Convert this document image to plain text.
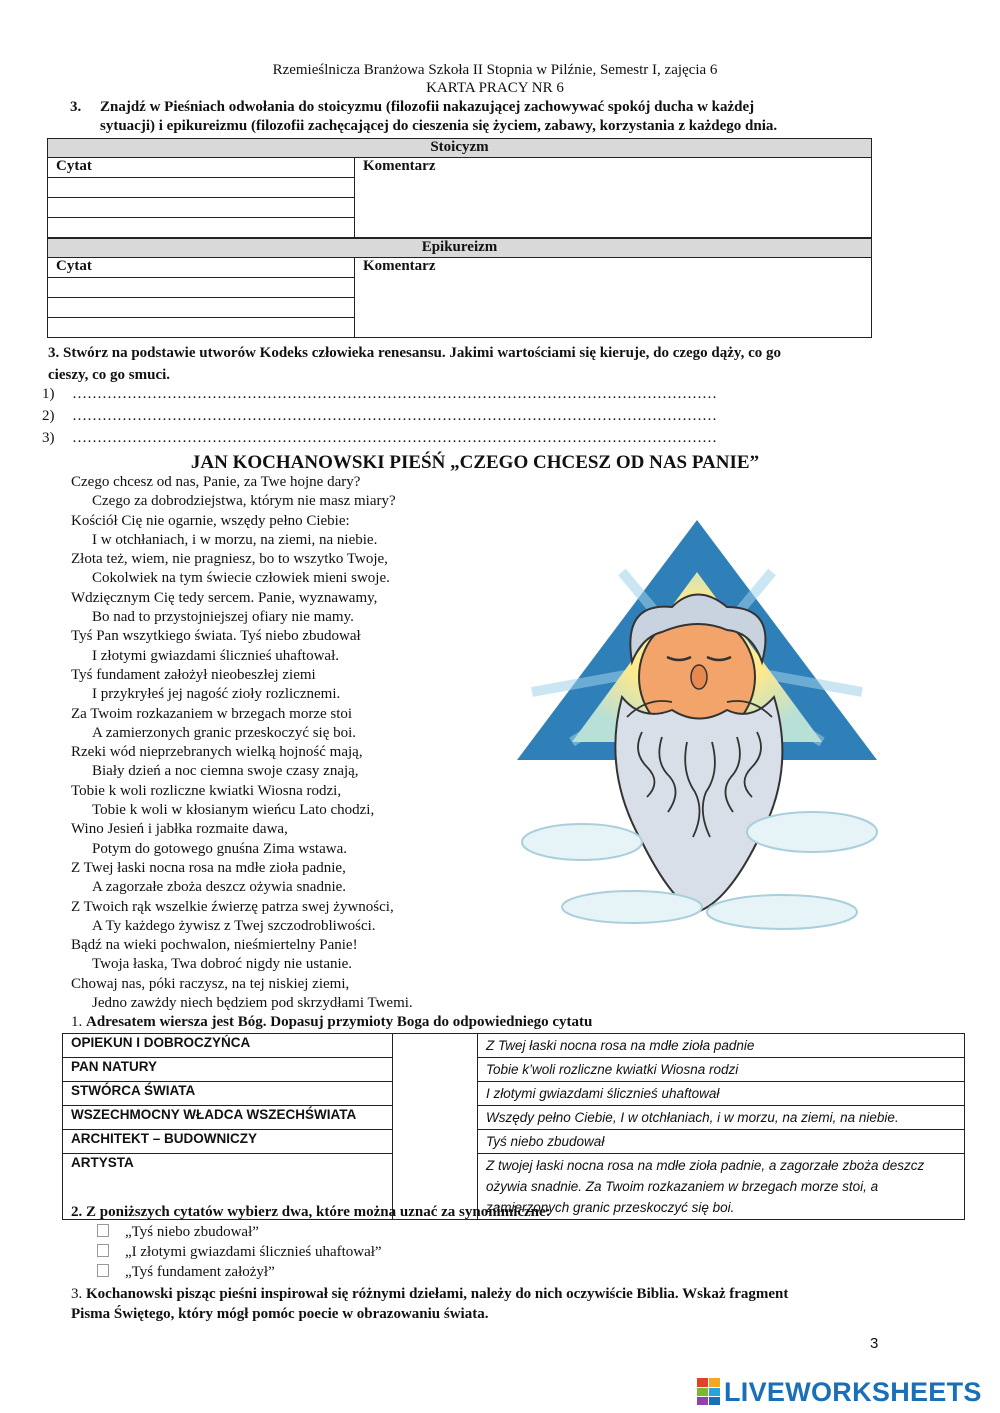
Rzemieślnicza Branżowa Szkoła II Stopnia w Pilźnie, Semestr I, zajęcia 6
KARTA PRACY NR 6
3. Znajdź w Pieśniach odwołania do stoicyzmu (filozofii nakazującej zachowywać spokój ducha w każdej
sytuacji) i epikureizmu (filozofii zachęcającej do cieszenia się życiem, zabawy, korzystania z każdego dnia.
Stoicyzm
Cytat	Komentarz

Epikureizm
Cytat	Komentarz

3. Stwórz na podstawie utworów Kodeks człowieka renesansu. Jakimi wartościami się kieruje, do czego dąży, co go
cieszy, co go smuci.
1) …………………………………………………………………………………………………………………
2) …………………………………………………………………………………………………………………
3) …………………………………………………………………………………………………………………
JAN KOCHANOWSKI PIEŚŃ „CZEGO CHCESZ OD NAS PANIE”
Czego chcesz od nas, Panie, za Twe hojne dary?
Czego za dobrodziejstwa, którym nie masz miary?
Kościół Cię nie ogarnie, wszędy pełno Ciebie:
I w otchłaniach, i w morzu, na ziemi, na niebie.
Złota też, wiem, nie pragniesz, bo to wszytko Twoje,
Cokolwiek na tym świecie człowiek mieni swoje.
Wdzięcznym Cię tedy sercem. Panie, wyznawamy,
Bo nad to przystojniejszej ofiary nie mamy.
Tyś Pan wszytkiego świata. Tyś niebo zbudował
I złotymi gwiazdami ślicznieś uhaftował.
Tyś fundament założył nieobeszłej ziemi
I przykryłeś jej nagość zioły rozlicznemi.
Za Twoim rozkazaniem w brzegach morze stoi
A zamierzonych granic przeskoczyć się boi.
Rzeki wód nieprzebranych wielką hojność mają,
Biały dzień a noc ciemna swoje czasy znają,
Tobie k woli rozliczne kwiatki Wiosna rodzi,
Tobie k woli w kłosianym wieńcu Lato chodzi,
Wino Jesień i jabłka rozmaite dawa,
Potym do gotowego gnuśna Zima wstawa.
Z Twej łaski nocna rosa na mdłe zioła padnie,
A zagorzałe zboża deszcz ożywia snadnie.
Z Twoich rąk wszelkie źwierzę patrza swej żywności,
A Ty każdego żywisz z Twej szczodrobliwości.
Bądź na wieki pochwalon, nieśmiertelny Panie!
Twoja łaska, Twa dobroć nigdy nie ustanie.
Chowaj nas, póki raczysz, na tej niskiej ziemi,
Jedno zawżdy niech będziem pod skrzydłami Twemi.
1. Adresatem wiersza jest Bóg. Dopasuj przymioty Boga do odpowiedniego cytatu
OPIEKUN I DOBROCZYŃCA		Z Twej łaski nocna rosa na mdłe zioła padnie
PAN NATURY		Tobie k’woli rozliczne kwiatki Wiosna rodzi
STWÓRCA ŚWIATA		I złotymi gwiazdami ślicznieś uhaftował
WSZECHMOCNY WŁADCA WSZECHŚWIATA		Wszędy pełno Ciebie, I w otchłaniach, i w morzu, na ziemi, na niebie.
ARCHITEKT – BUDOWNICZY		Tyś niebo zbudował
ARTYSTA		Z twojej łaski nocna rosa na mdłe zioła padnie, a zagorzałe zboża deszcz ożywia snadnie. Za Twoim rozkazaniem w brzegach morze stoi, a zamierzonych granic przeskoczyć się boi.
2. Z poniższych cytatów wybierz dwa, które można uznać za synonimiczne:
„Tyś niebo zbudował”
„I złotymi gwiazdami ślicznieś uhaftował”
„Tyś fundament założył”
3. Kochanowski pisząc pieśni inspirował się różnymi dziełami, należy do nich oczywiście Biblia. Wskaż fragment
Pisma Świętego, który mógł pomóc poecie w obrazowaniu świata.
3
LIVEWORKSHEETS
